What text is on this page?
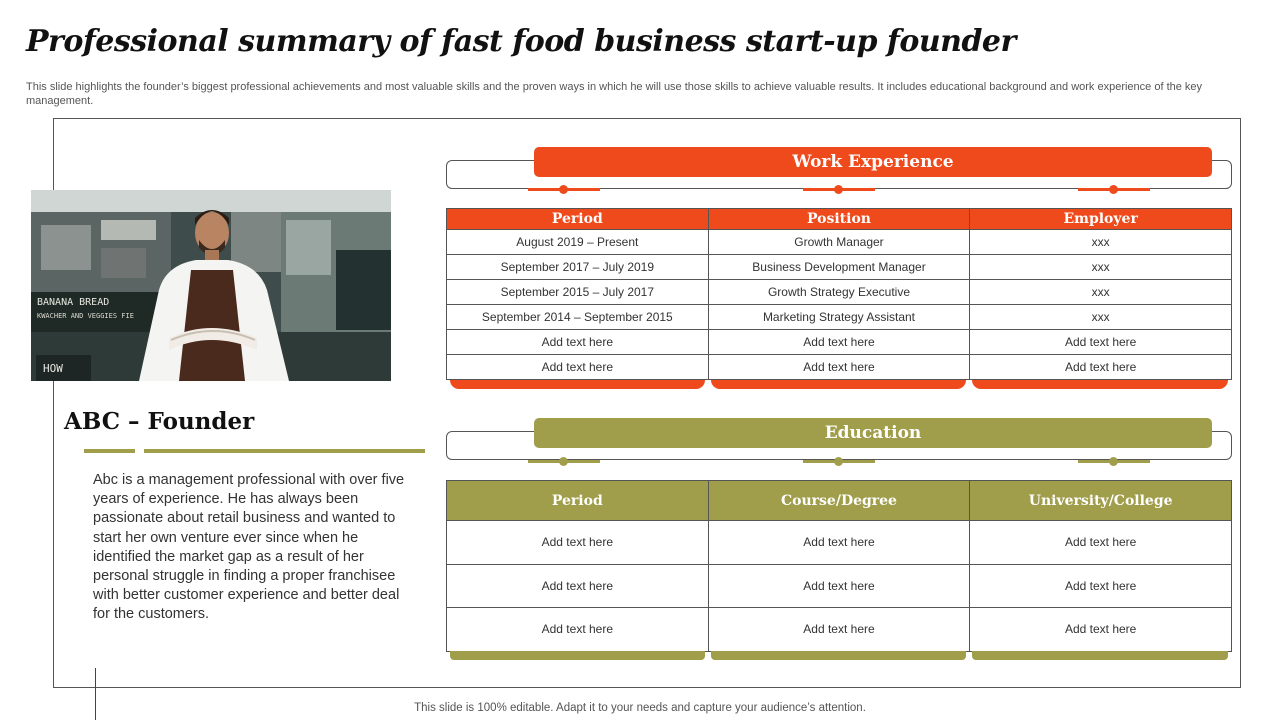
Professional summary of fast food business start-up founder
This slide highlights the founder’s biggest professional achievements and most valuable skills and the proven ways in which he will use those skills to achieve valuable results. It includes educational background and work experience of the key management.
BANANA BREAD
KWACHER AND VEGGIES FIE
HOW
ABC – Founder
Abc is a management professional with over five years of experience. He has always been passionate about retail business and wanted to start her own venture ever since when he identified the market gap as a result of her personal struggle in finding a proper franchisee with better customer experience and better deal for the customers.
Work Experience
Period	Position	Employer
August 2019 – Present	Growth Manager	xxx
September 2017 – July 2019	Business Development Manager	xxx
September 2015 – July 2017	Growth Strategy Executive	xxx
September 2014 – September 2015	Marketing Strategy Assistant	xxx
Add text here	Add text here	Add text here
Add text here	Add text here	Add text here
Education
Period	Course/Degree	University/College
Add text here	Add text here	Add text here
Add text here	Add text here	Add text here
Add text here	Add text here	Add text here
This slide is 100% editable. Adapt it to your needs and capture your audience’s attention.
